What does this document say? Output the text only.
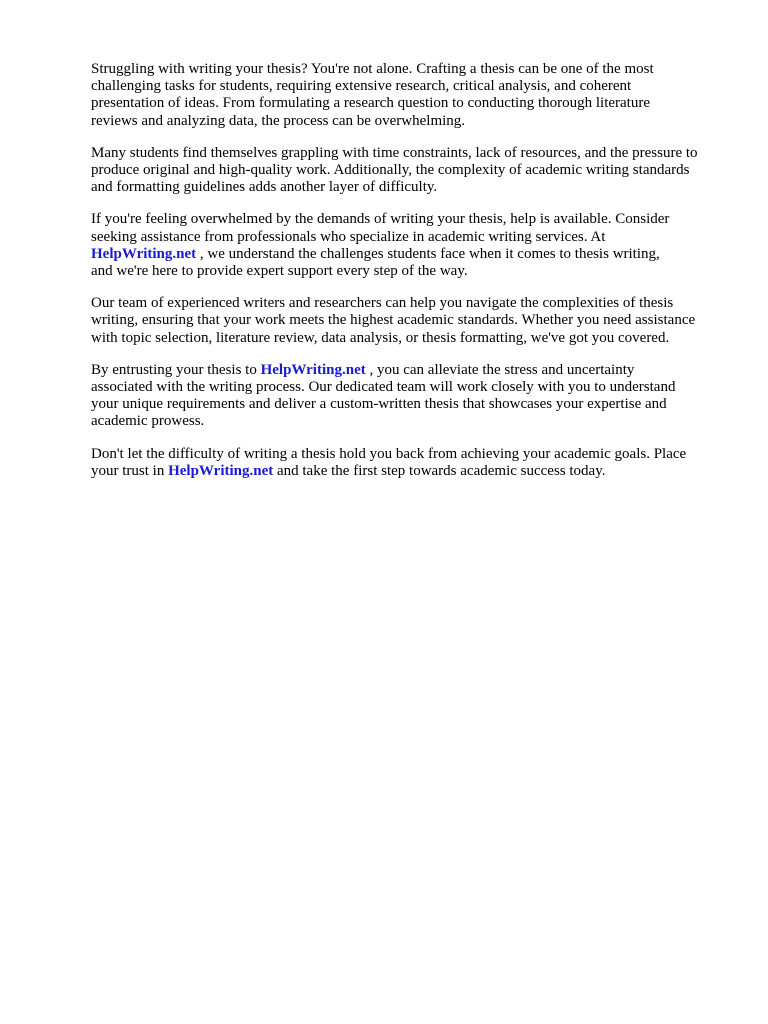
Struggling with writing your thesis? You're not alone. Crafting a thesis can be one of the most
challenging tasks for students, requiring extensive research, critical analysis, and coherent
presentation of ideas. From formulating a research question to conducting thorough literature
reviews and analyzing data, the process can be overwhelming.

Many students find themselves grappling with time constraints, lack of resources, and the pressure to
produce original and high-quality work. Additionally, the complexity of academic writing standards
and formatting guidelines adds another layer of difficulty.

If you're feeling overwhelmed by the demands of writing your thesis, help is available. Consider
seeking assistance from professionals who specialize in academic writing services. At
HelpWriting.net , we understand the challenges students face when it comes to thesis writing,
and we're here to provide expert support every step of the way.

Our team of experienced writers and researchers can help you navigate the complexities of thesis
writing, ensuring that your work meets the highest academic standards. Whether you need assistance
with topic selection, literature review, data analysis, or thesis formatting, we've got you covered.

By entrusting your thesis to HelpWriting.net , you can alleviate the stress and uncertainty
associated with the writing process. Our dedicated team will work closely with you to understand
your unique requirements and deliver a custom-written thesis that showcases your expertise and
academic prowess.

Don't let the difficulty of writing a thesis hold you back from achieving your academic goals. Place
your trust in HelpWriting.net and take the first step towards academic success today.
